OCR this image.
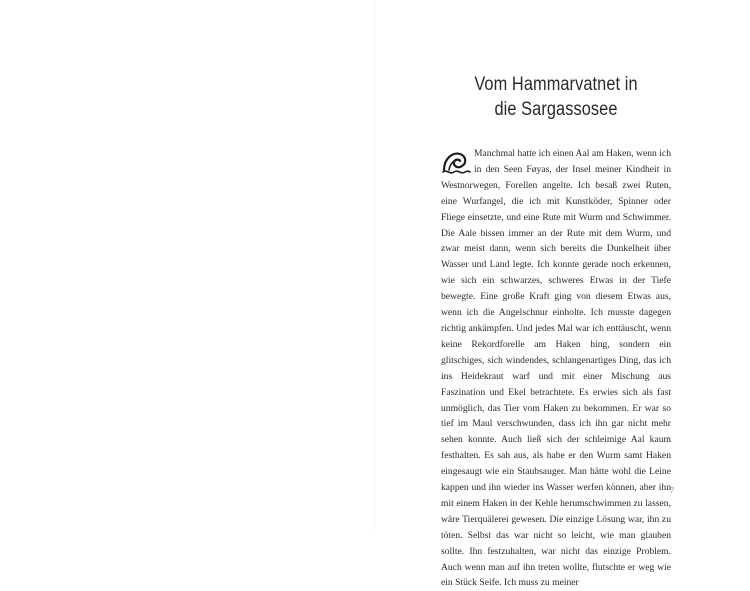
Vom Hammarvatnet in
die Sargassosee
Manchmal hatte ich einen Aal am Haken, wenn ich in den Seen Føyas, der Insel meiner Kindheit in Westnorwegen, Forellen angelte. Ich besaß zwei Ruten, eine Wurfangel, die ich mit Kunstköder, Spinner oder Fliege einsetzte, und eine Rute mit Wurm und Schwimmer. Die Aale bissen immer an der Rute mit dem Wurm, und zwar meist dann, wenn sich bereits die Dunkelheit über Wasser und Land legte. Ich konnte gerade noch erkennen, wie sich ein schwarzes, schweres Etwas in der Tiefe bewegte. Eine große Kraft ging von diesem Etwas aus, wenn ich die Angelschnur einholte. Ich musste dagegen richtig ankämpfen. Und jedes Mal war ich enttäuscht, wenn keine Rekordforelle am Haken hing, sondern ein glitschiges, sich windendes, schlangenartiges Ding, das ich ins Heidekraut warf und mit einer Mischung aus Faszination und Ekel betrachtete. Es erwies sich als fast unmöglich, das Tier vom Haken zu bekommen. Er war so tief im Maul verschwunden, dass ich ihn gar nicht mehr sehen konnte. Auch ließ sich der schleimige Aal kaum festhalten. Es sah aus, als habe er den Wurm samt Haken eingesaugt wie ein Staubsauger. Man hätte wohl die Leine kappen und ihn wieder ins Wasser werfen können, aber ihn mit einem Haken in der Kehle herumschwimmen zu lassen, wäre Tierquälerei gewesen. Die einzige Lösung war, ihn zu töten. Selbst das war nicht so leicht, wie man glauben sollte. Ihn festzuhalten, war nicht das einzige Problem. Auch wenn man auf ihn treten wollte, flutschte er weg wie ein Stück Seife. Ich muss zu meiner
7
